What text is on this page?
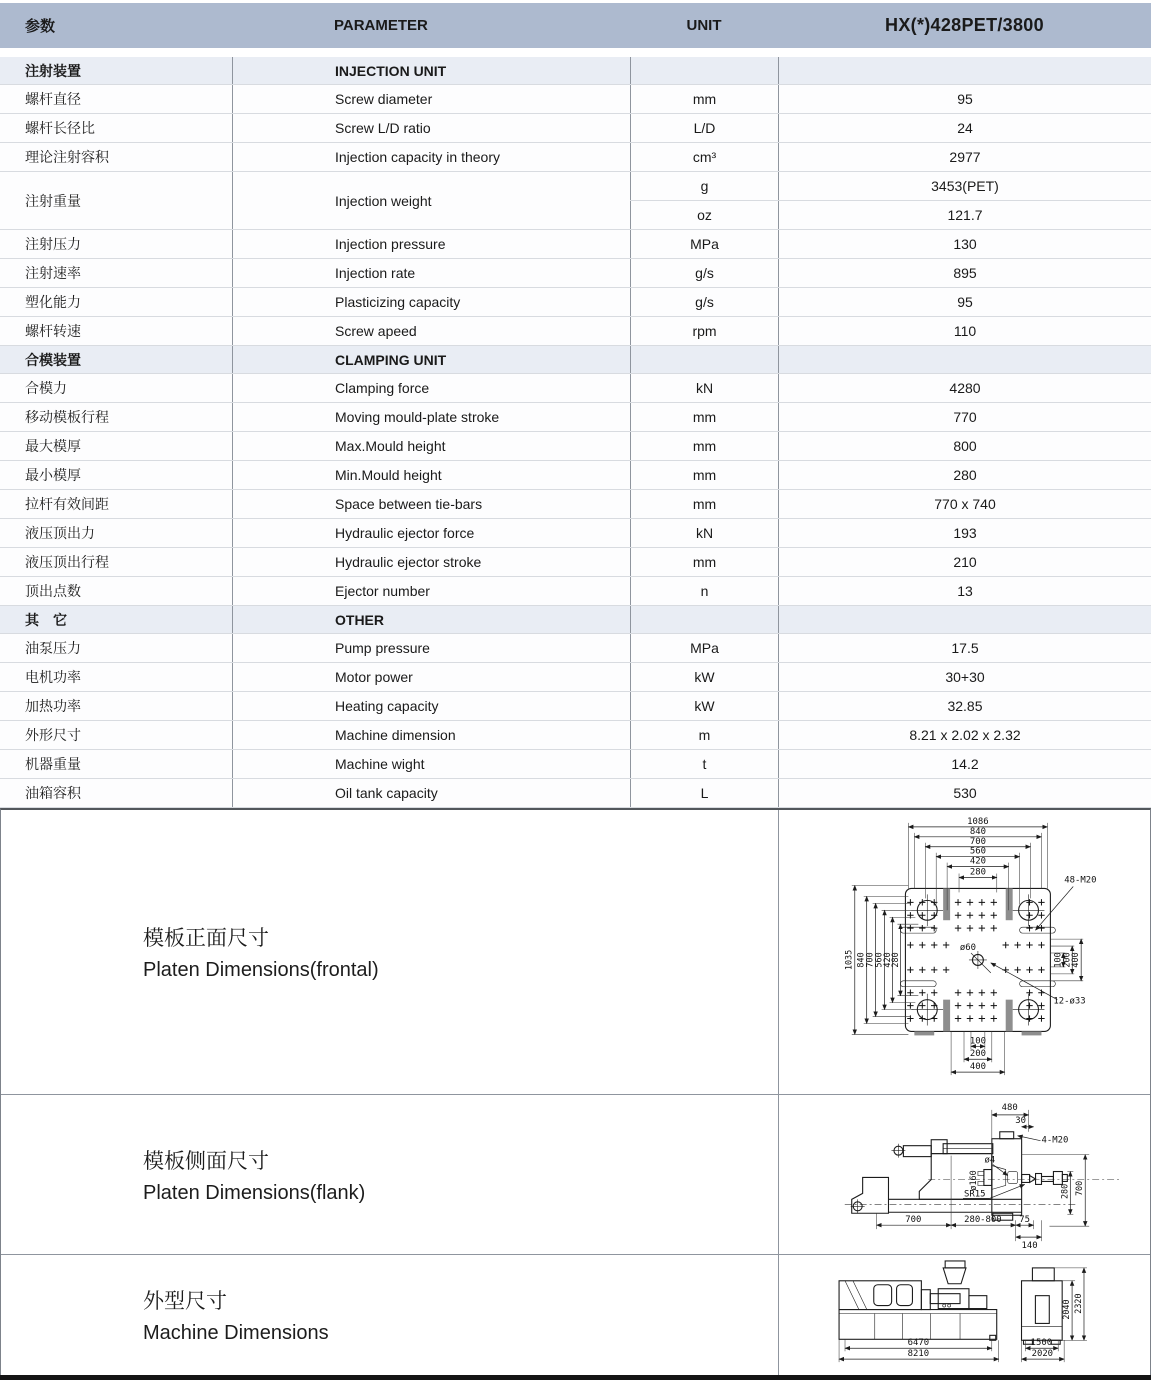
参数	PARAMETER	UNIT	HX(*)428PET/3800
注射装置	INJECTION UNIT
螺杆直径	Screw diameter	mm	95
螺杆长径比	Screw L/D ratio	L/D	24
理论注射容积	Injection capacity in theory	cm³	2977
注射重量	Injection weight
g	3453(PET)
oz	121.7
注射压力	Injection pressure	MPa	130
注射速率	Injection rate	g/s	895
塑化能力	Plasticizing capacity	g/s	95
螺杆转速	Screw apeed	rpm	110
合模装置	CLAMPING UNIT
合模力	Clamping force	kN	4280
移动模板行程	Moving mould-plate stroke	mm	770
最大模厚	Max.Mould height	mm	800
最小模厚	Min.Mould height	mm	280
拉杆有效间距	Space between tie-bars	mm	770 x 740
液压顶出力	Hydraulic ejector force	kN	193
液压顶出行程	Hydraulic ejector stroke	mm	210
顶出点数	Ejector number	n	13
其　它	OTHER
油泵压力	Pump pressure	MPa	17.5
电机功率	Motor power	kW	30+30
加热功率	Heating capacity	kW	32.85
外形尺寸	Machine dimension	m	8.21 x 2.02 x 2.32
机器重量	Machine wight	t	14.2
油箱容积	Oil tank capacity	L	530
模板正面尺寸
Platen Dimensions(frontal)
ø60
1086
840
700
560
420
280
1035 840
700
560
420
280	100
200
400
100
200
400
48-M20
12-ø33
模板侧面尺寸
Platen Dimensions(flank)
480
30
4-M20
ø4
ø160
SR15	700
280
700	280-800 75
140
外型尺寸
Machine Dimensions	6470
8210
1500
2020
2040 2320
